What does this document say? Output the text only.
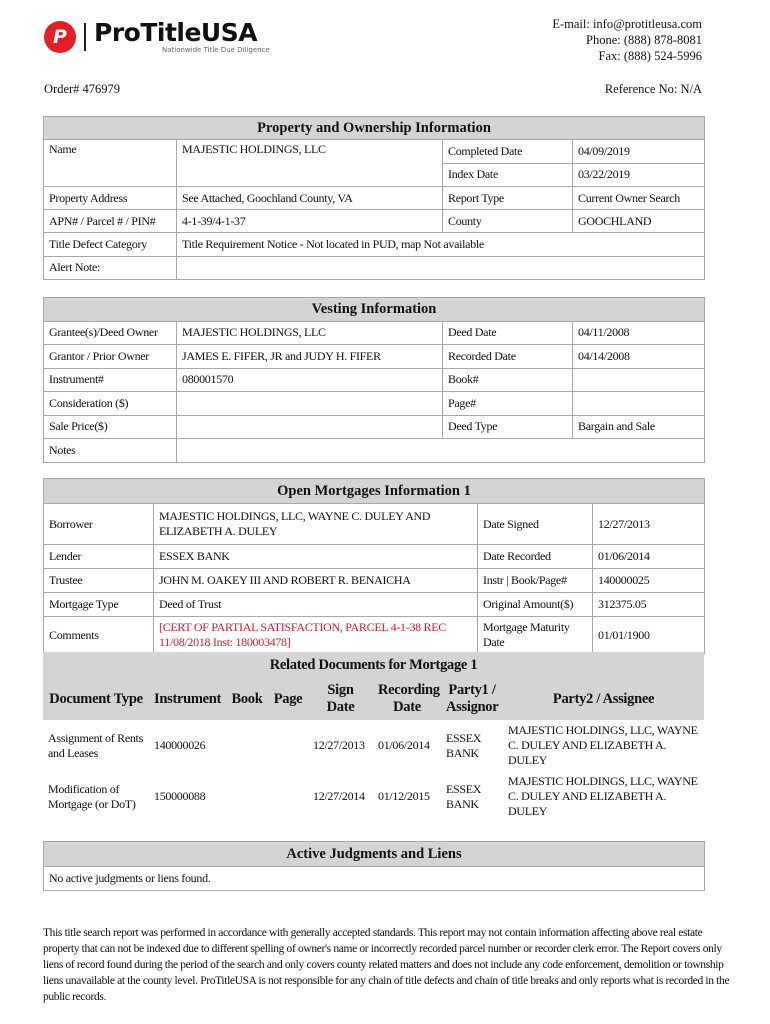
P	ProTitleUSA
Nationwide Title Due Diligence
E-mail: info@protitleusa.com
Phone: (888) 878-8081
Fax: (888) 524-5996
Order# 476979	Reference No: N/A
Property and Ownership Information			
Name	MAJESTIC HOLDINGS, LLC	Completed Date	04/09/2019
		Index Date	03/22/2019
Property Address	See Attached, Goochland County, VA	Report Type	Current Owner Search
APN# / Parcel # / PIN#	4-1-39/4-1-37	County	GOOCHLAND
Title Defect Category	Title Requirement Notice - Not located in PUD, map Not available		
Alert Note:			
Vesting Information			
Grantee(s)/Deed Owner	MAJESTIC HOLDINGS, LLC	Deed Date	04/11/2008
Grantor / Prior Owner	JAMES E. FIFER, JR and JUDY H. FIFER	Recorded Date	04/14/2008
Instrument#	080001570	Book#	
Consideration ($)		Page#	
Sale Price($)		Deed Type	Bargain and Sale
Notes			
Open Mortgages Information 1			
Borrower	MAJESTIC HOLDINGS, LLC, WAYNE C. DULEY AND ELIZABETH A. DULEY	Date Signed	12/27/2013
Lender	ESSEX BANK	Date Recorded	01/06/2014
Trustee	JOHN M. OAKEY III AND ROBERT R. BENAICHA	Instr | Book/Page#	140000025
Mortgage Type	Deed of Trust	Original Amount($)	312375.05
Comments	[CERT OF PARTIAL SATISFACTION, PARCEL 4-1-38 REC 11/08/2018 Inst: 180003478]	Mortgage Maturity Date	01/01/1900
Related Documents for Mortgage 1							
Document Type	Instrument	Book	Page	Sign Date	Recording Date	Party1 / Assignor	Party2 / Assignee
Assignment of Rents and Leases	140000026			12/27/2013	01/06/2014	ESSEX BANK	MAJESTIC HOLDINGS, LLC, WAYNE C. DULEY AND ELIZABETH A. DULEY
Modification of Mortgage (or DoT)	150000088			12/27/2014	01/12/2015	ESSEX BANK	MAJESTIC HOLDINGS, LLC, WAYNE C. DULEY AND ELIZABETH A. DULEY
Active Judgments and Liens
No active judgments or liens found.
This title search report was performed in accordance with generally accepted standards. This report may not contain information affecting above real estate property that can not be indexed due to different spelling of owner's name or incorrectly recorded parcel number or recorder clerk error. The Report covers only liens of record found during the period of the search and only covers county related matters and does not include any code enforcement, demolition or township liens unavailable at the county level. ProTitleUSA is not responsible for any chain of title defects and chain of title breaks and only reports what is recorded in the public records.
